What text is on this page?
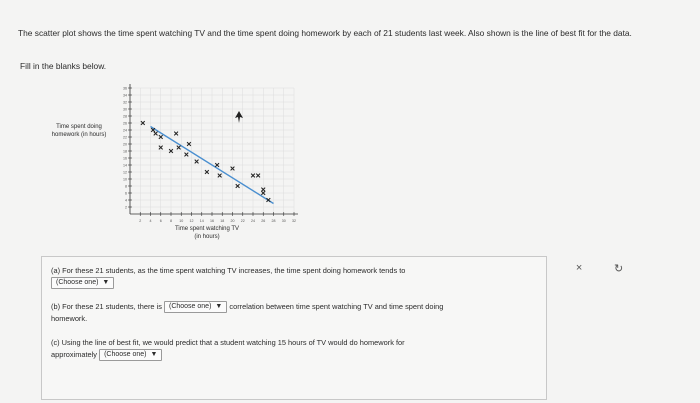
The scatter plot shows the time spent watching TV and the time spent doing homework by each of 21 students last week. Also shown is the line of best fit for the data.
Fill in the blanks below.
2 4 6 8 10 12 14 16 18 20 22 24 26 28 30 32
2
4
6
8
10
12
14
16
18
20
22
24
26
28
30
32
34
36
Time spent doing homework (in hours)
Time spent watching TV (in hours)
(a) For these 21 students, as the time spent watching TV increases, the time spent doing homework tends to
(Choose one) ▼
(b) For these 21 students, there is (Choose one) ▼ correlation between time spent watching TV and time spent doing
homework.
(c) Using the line of best fit, we would predict that a student watching 15 hours of TV would do homework for
approximately (Choose one) ▼
×	↻
